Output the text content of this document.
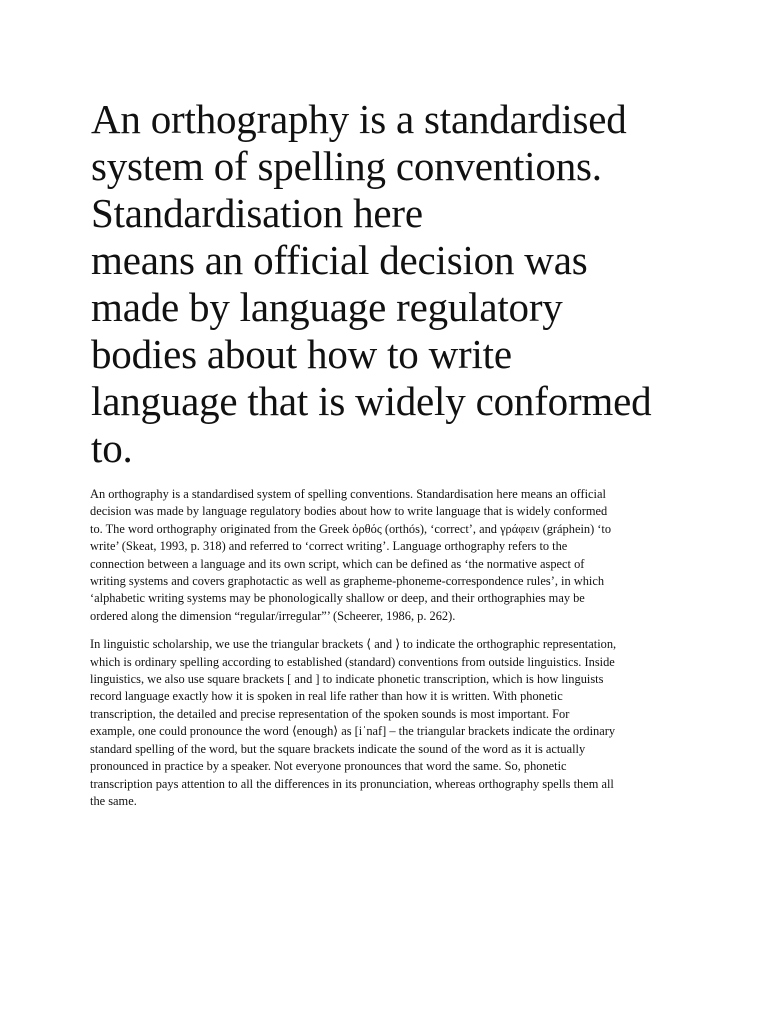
An orthography is a standardised
system of spelling conventions.
Standardisation here
means an official decision was
made by language regulatory
bodies about how to write
language that is widely conformed
to.

An orthography is a standardised system of spelling conventions. Standardisation here means an official
decision was made by language regulatory bodies about how to write language that is widely conformed
to. The word orthography originated from the Greek ὀρθός (orthós), ‘correct’, and γράφειν (gráphein) ‘to
write’ (Skeat, 1993, p. 318) and referred to ‘correct writing’. Language orthography refers to the
connection between a language and its own script, which can be defined as ‘the normative aspect of
writing systems and covers graphotactic as well as grapheme-phoneme-correspondence rules’, in which
‘alphabetic writing systems may be phonologically shallow or deep, and their orthographies may be
ordered along the dimension “regular/irregular”’ (Scheerer, 1986, p. 262).

In linguistic scholarship, we use the triangular brackets ⟨ and ⟩ to indicate the orthographic representation,
which is ordinary spelling according to established (standard) conventions from outside linguistics. Inside
linguistics, we also use square brackets [ and ] to indicate phonetic transcription, which is how linguists
record language exactly how it is spoken in real life rather than how it is written. With phonetic
transcription, the detailed and precise representation of the spoken sounds is most important. For
example, one could pronounce the word ⟨enough⟩ as [iˈnaf] – the triangular brackets indicate the ordinary
standard spelling of the word, but the square brackets indicate the sound of the word as it is actually
pronounced in practice by a speaker. Not everyone pronounces that word the same. So, phonetic
transcription pays attention to all the differences in its pronunciation, whereas orthography spells them all
the same.
